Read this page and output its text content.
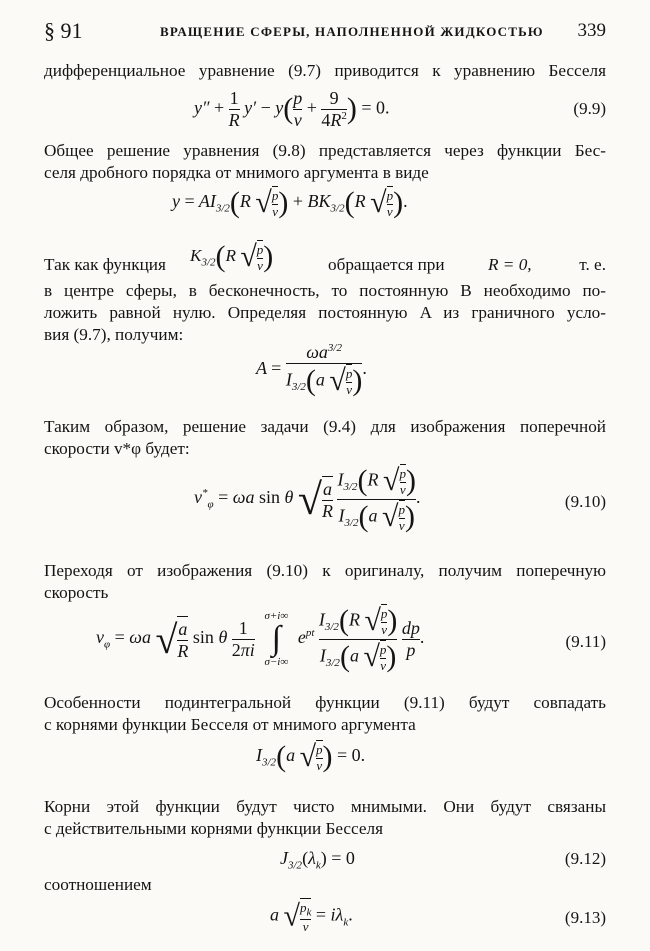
§ 91	ВРАЩЕНИЕ СФЕРЫ, НАПОЛНЕННОЙ ЖИДКОСТЬЮ 339
дифференциальное уравнение (9.7) приводится к уравнению Бесселя
$y'' + \frac{1}{R} y' - y( \frac{p}{\nu} + \frac{9}{4R^2}$ ) = 0.	(9.9)
Общее решение уравнения (9.8) представляется через функции Бес-
селя дробного порядка от мнимого аргумента в виде
$y = AI_{3/2}(R$ √ $\frac{p}{\nu}$ ) + $BK_{3/2}(R$ √ $\frac{p}{\nu}$ ).
Так как функция $K_{3/2}(R$ √ $\frac{p}{\nu}$ )	обращается при	R = 0,	т. е.
в центре сферы, в бесконечность, то постоянную B необходимо по-
ложить равной нулю. Определяя постоянную A из граничного усло-
вия (9.7), получим:
$A = \frac{\omega a^{3/2}}{I_{3/2}(a √ \frac{p}{\nu} )}$ .
Таким образом, решение задачи (9.4) для изображения поперечной
скорости v*φ будет:
$v^*_\varphi = \omega a$ sin θ √ $\frac{a}{R}$
$\frac{I_{3/2}(R √ \frac{p}{\nu} )}{I_{3/2}(a √ \frac{p}{\nu} )}$ .	(9.10)
Переходя от изображения (9.10) к оригиналу, получим поперечную
скорость
$v_\varphi = \omega a$ √ $\frac{a}{R}$ sin θ $\frac{1}{2\pi i}$

σ+i∞
∫
σ−i∞
$e^{pt} \frac{I_{3/2}(R √ \frac{p}{\nu} )}{I_{3/2}(a √ \frac{p}{\nu} )}$
$\frac{dp}{p}$ .	(9.11)
Особенности подинтегральной функции (9.11) будут совпадать
с корнями функции Бесселя от мнимого аргумента
$I_{3/2}(a$ √ $\frac{p}{\nu}$ ) = 0.
Корни этой функции будут чисто мнимыми. Они будут связаны
с действительными корнями функции Бесселя
$J_{3/2}(\lambda_k) = 0$	(9.12)
соотношением
a √ $\frac{p_k}{\nu} = i\lambda_k$.	(9.13)
